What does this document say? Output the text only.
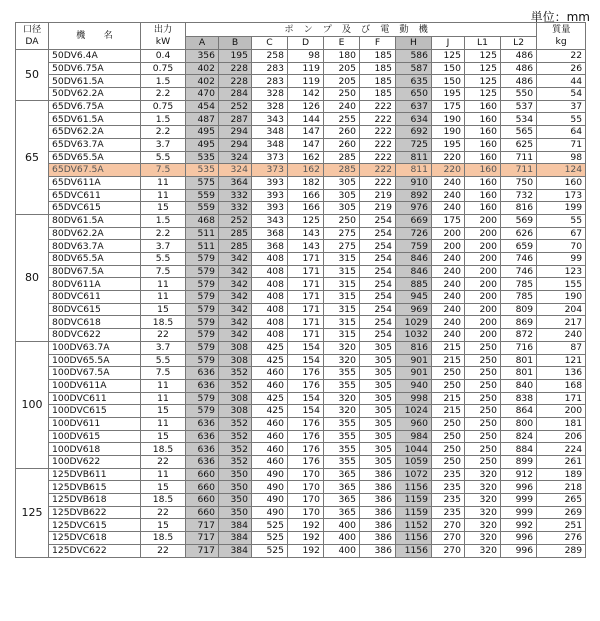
単位：mm
口径
DA	機　　名	出力
kW	ポンプ及び電動機										質量
kg
			A	B	C	D	E	F	H	J	L1	L2	
50	50DV6.4A	0.4	356	195	258	98	180	185	586	125	125	486	22
	50DV6.75A	0.75	402	228	283	119	205	185	587	150	125	486	26
	50DV61.5A	1.5	402	228	283	119	205	185	635	150	125	486	44
	50DV62.2A	2.2	470	284	328	142	250	185	650	195	125	550	54
65	65DV6.75A	0.75	454	252	328	126	240	222	637	175	160	537	37
	65DV61.5A	1.5	487	287	343	144	255	222	634	190	160	534	55
	65DV62.2A	2.2	495	294	348	147	260	222	692	190	160	565	64
	65DV63.7A	3.7	495	294	348	147	260	222	725	195	160	625	71
	65DV65.5A	5.5	535	324	373	162	285	222	811	220	160	711	98
	65DV67.5A	7.5	535	324	373	162	285	222	811	220	160	711	124
	65DV611A	11	575	364	393	182	305	222	910	240	160	750	160
	65DVC611	11	559	332	393	166	305	219	892	240	160	732	173
	65DVC615	15	559	332	393	166	305	219	976	240	160	816	199
80	80DV61.5A	1.5	468	252	343	125	250	254	669	175	200	569	55
	80DV62.2A	2.2	511	285	368	143	275	254	726	200	200	626	67
	80DV63.7A	3.7	511	285	368	143	275	254	759	200	200	659	70
	80DV65.5A	5.5	579	342	408	171	315	254	846	240	200	746	99
	80DV67.5A	7.5	579	342	408	171	315	254	846	240	200	746	123
	80DV611A	11	579	342	408	171	315	254	885	240	200	785	155
	80DVC611	11	579	342	408	171	315	254	945	240	200	785	190
	80DVC615	15	579	342	408	171	315	254	969	240	200	809	204
	80DVC618	18.5	579	342	408	171	315	254	1029	240	200	869	217
	80DVC622	22	579	342	408	171	315	254	1032	240	200	872	240
100	100DV63.7A	3.7	579	308	425	154	320	305	816	215	250	716	87
	100DV65.5A	5.5	579	308	425	154	320	305	901	215	250	801	121
	100DV67.5A	7.5	636	352	460	176	355	305	901	250	250	801	136
	100DV611A	11	636	352	460	176	355	305	940	250	250	840	168
	100DVC611	11	579	308	425	154	320	305	998	215	250	838	171
	100DVC615	15	579	308	425	154	320	305	1024	215	250	864	200
	100DV611	11	636	352	460	176	355	305	960	250	250	800	181
	100DV615	15	636	352	460	176	355	305	984	250	250	824	206
	100DV618	18.5	636	352	460	176	355	305	1044	250	250	884	224
	100DV622	22	636	352	460	176	355	305	1059	250	250	899	261
125	125DVB611	11	660	350	490	170	365	386	1072	235	320	912	189
	125DVB615	15	660	350	490	170	365	386	1156	235	320	996	218
	125DVB618	18.5	660	350	490	170	365	386	1159	235	320	999	265
	125DVB622	22	660	350	490	170	365	386	1159	235	320	999	269
	125DVC615	15	717	384	525	192	400	386	1152	270	320	992	251
	125DVC618	18.5	717	384	525	192	400	386	1156	270	320	996	276
	125DVC622	22	717	384	525	192	400	386	1156	270	320	996	289
